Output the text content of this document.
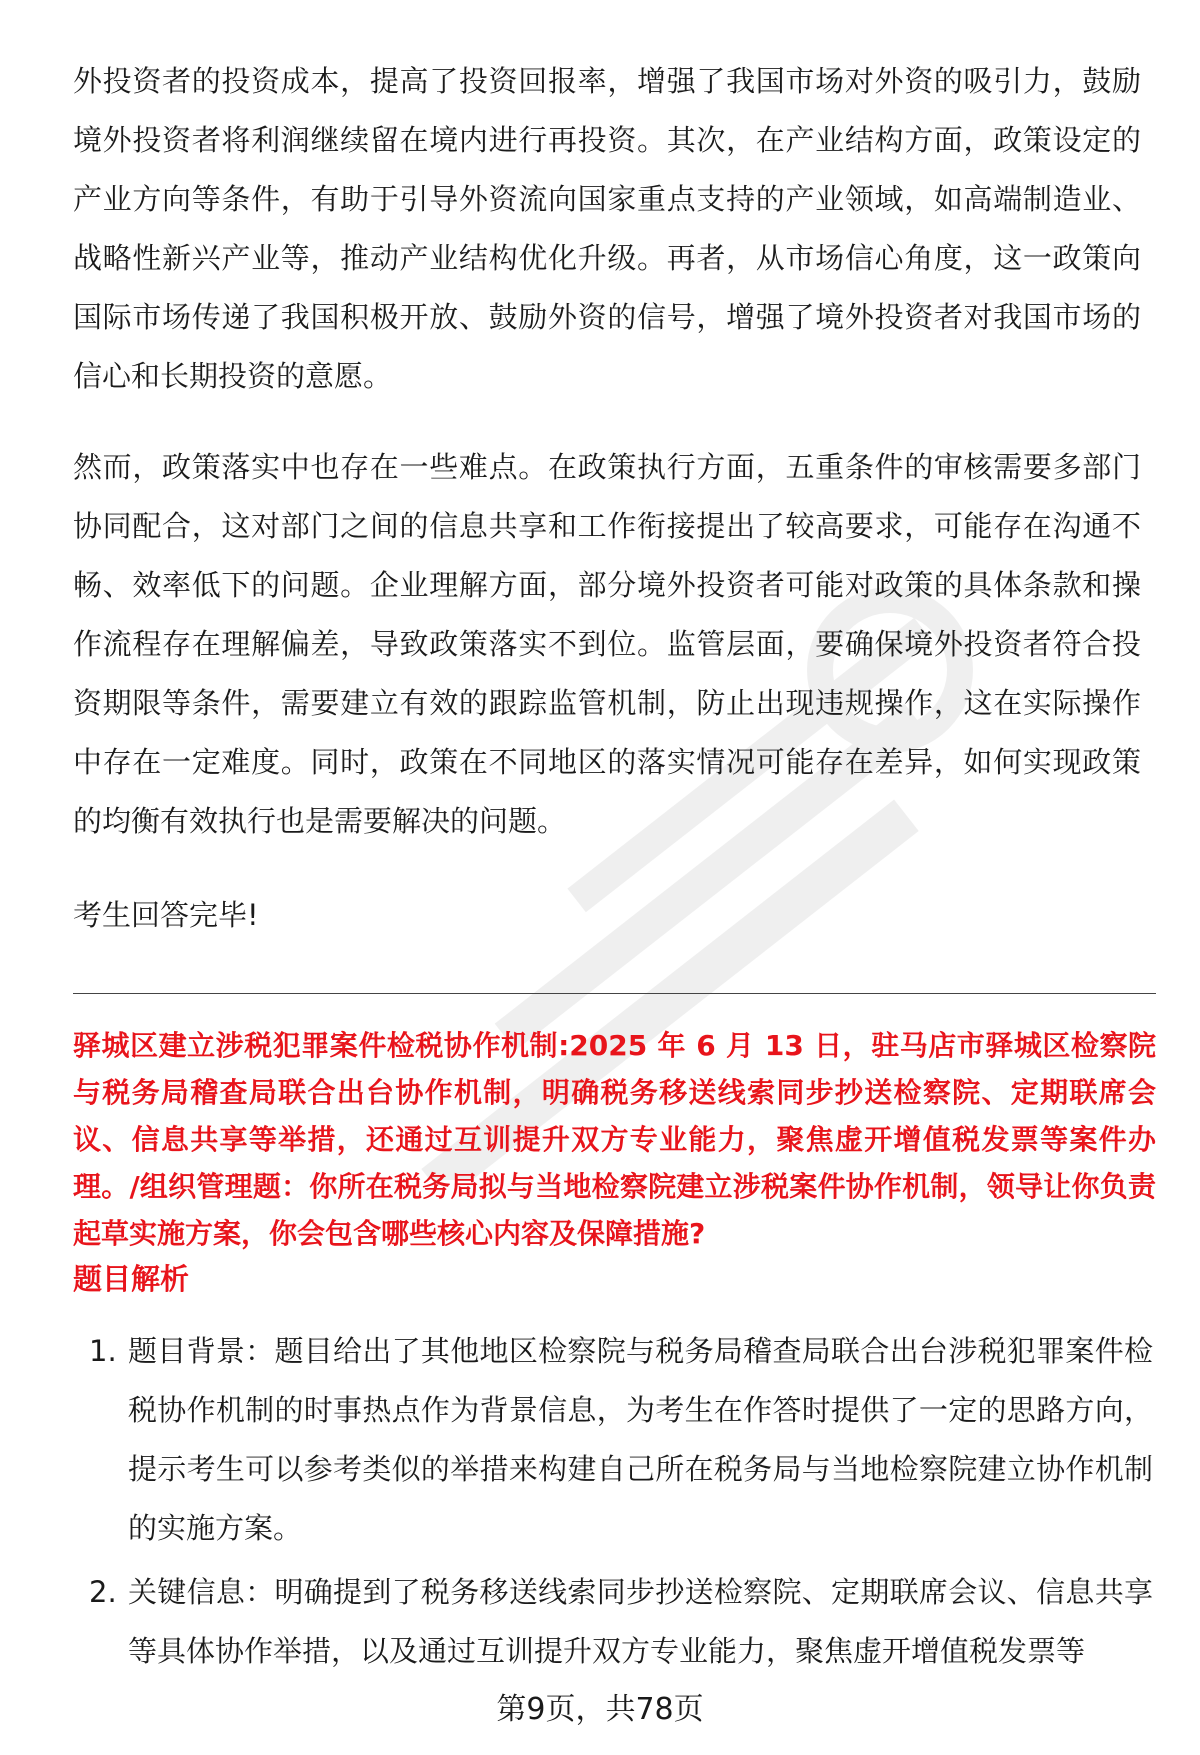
外投资者的投资成本，提高了投资回报率，增强了我国市场对外资的吸引力，鼓励境外投资者将利润继续留在境内进行再投资。其次，在产业结构方面，政策设定的产业方向等条件，有助于引导外资流向国家重点支持的产业领域，如高端制造业、战略性新兴产业等，推动产业结构优化升级。再者，从市场信心角度，这一政策向国际市场传递了我国积极开放、鼓励外资的信号，增强了境外投资者对我国市场的信心和长期投资的意愿。

然而，政策落实中也存在一些难点。在政策执行方面，五重条件的审核需要多部门协同配合，这对部门之间的信息共享和工作衔接提出了较高要求，可能存在沟通不畅、效率低下的问题。企业理解方面，部分境外投资者可能对政策的具体条款和操作流程存在理解偏差，导致政策落实不到位。监管层面，要确保境外投资者符合投资期限等条件，需要建立有效的跟踪监管机制，防止出现违规操作，这在实际操作中存在一定难度。同时，政策在不同地区的落实情况可能存在差异，如何实现政策的均衡有效执行也是需要解决的问题。

考生回答完毕!

驿城区建立涉税犯罪案件检税协作机制:2025 年 6 月 13 日，驻马店市驿城区检察院与税务局稽查局联合出台协作机制，明确税务移送线索同步抄送检察院、定期联席会议、信息共享等举措，还通过互训提升双方专业能力，聚焦虚开增值税发票等案件办理。/组织管理题：你所在税务局拟与当地检察院建立涉税案件协作机制，领导让你负责起草实施方案，你会包含哪些核心内容及保障措施?

题目解析

1. 题目背景：题目给出了其他地区检察院与税务局稽查局联合出台涉税犯罪案件检税协作机制的时事热点作为背景信息，为考生在作答时提供了一定的思路方向，提示考生可以参考类似的举措来构建自己所在税务局与当地检察院建立协作机制的实施方案。

2. 关键信息：明确提到了税务移送线索同步抄送检察院、定期联席会议、信息共享等具体协作举措，以及通过互训提升双方专业能力，聚焦虚开增值税发票等

第9页，共78页
